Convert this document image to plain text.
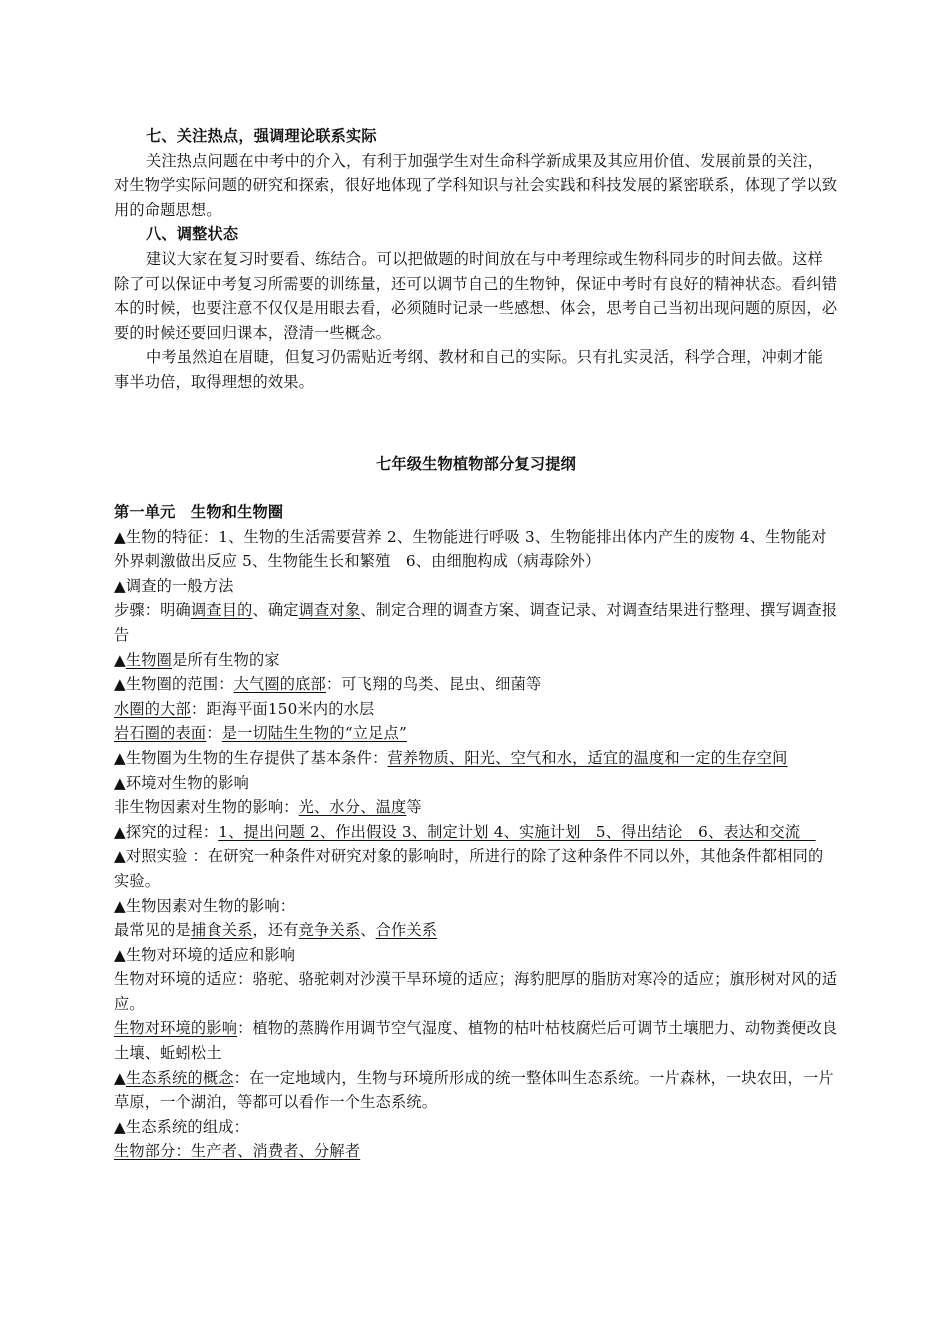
七、关注热点，强调理论联系实际

关注热点问题在中考中的介入，有利于加强学生对生命科学新成果及其应用价值、发展前景的关注，对生物学实际问题的研究和探索，很好地体现了学科知识与社会实践和科技发展的紧密联系，体现了学以致用的命题思想。

八、调整状态

建议大家在复习时要看、练结合。可以把做题的时间放在与中考理综或生物科同步的时间去做。这样除了可以保证中考复习所需要的训练量，还可以调节自己的生物钟，保证中考时有良好的精神状态。看纠错本的时候，也要注意不仅仅是用眼去看，必须随时记录一些感想、体会，思考自己当初出现问题的原因，必要的时候还要回归课本，澄清一些概念。

中考虽然迫在眉睫，但复习仍需贴近考纲、教材和自己的实际。只有扎实灵活，科学合理，冲刺才能事半功倍，取得理想的效果。

七年级生物植物部分复习提纲

第一单元　生物和生物圈

▲生物的特征：1、生物的生活需要营养 2、生物能进行呼吸 3、生物能排出体内产生的废物 4、生物能对外界刺激做出反应 5、生物能生长和繁殖　6、由细胞构成（病毒除外）

▲调查的一般方法

步骤：明确调查目的、确定调查对象、制定合理的调查方案、调查记录、对调查结果进行整理、撰写调查报告

▲生物圈是所有生物的家

▲生物圈的范围：大气圈的底部：可飞翔的鸟类、昆虫、细菌等

水圈的大部：距海平面150米内的水层

岩石圈的表面：是一切陆生生物的“立足点”

▲生物圈为生物的生存提供了基本条件：营养物质、阳光、空气和水，适宜的温度和一定的生存空间

▲环境对生物的影响

非生物因素对生物的影响：光、水分、温度等

▲探究的过程：1、提出问题 2、作出假设 3、制定计划 4、实施计划　5、得出结论　6、表达和交流　

▲对照实验 ：在研究一种条件对研究对象的影响时，所进行的除了这种条件不同以外，其他条件都相同的实验。

▲生物因素对生物的影响：

最常见的是捕食关系，还有竞争关系、合作关系

▲生物对环境的适应和影响

生物对环境的适应：骆驼、骆驼刺对沙漠干旱环境的适应；海豹肥厚的脂肪对寒冷的适应；旗形树对风的适应。

生物对环境的影响：植物的蒸腾作用调节空气湿度、植物的枯叶枯枝腐烂后可调节土壤肥力、动物粪便改良土壤、蚯蚓松土

▲生态系统的概念：在一定地域内，生物与环境所形成的统一整体叫生态系统。一片森林，一块农田，一片草原，一个湖泊，等都可以看作一个生态系统。

▲生态系统的组成：

生物部分：生产者、消费者、分解者
